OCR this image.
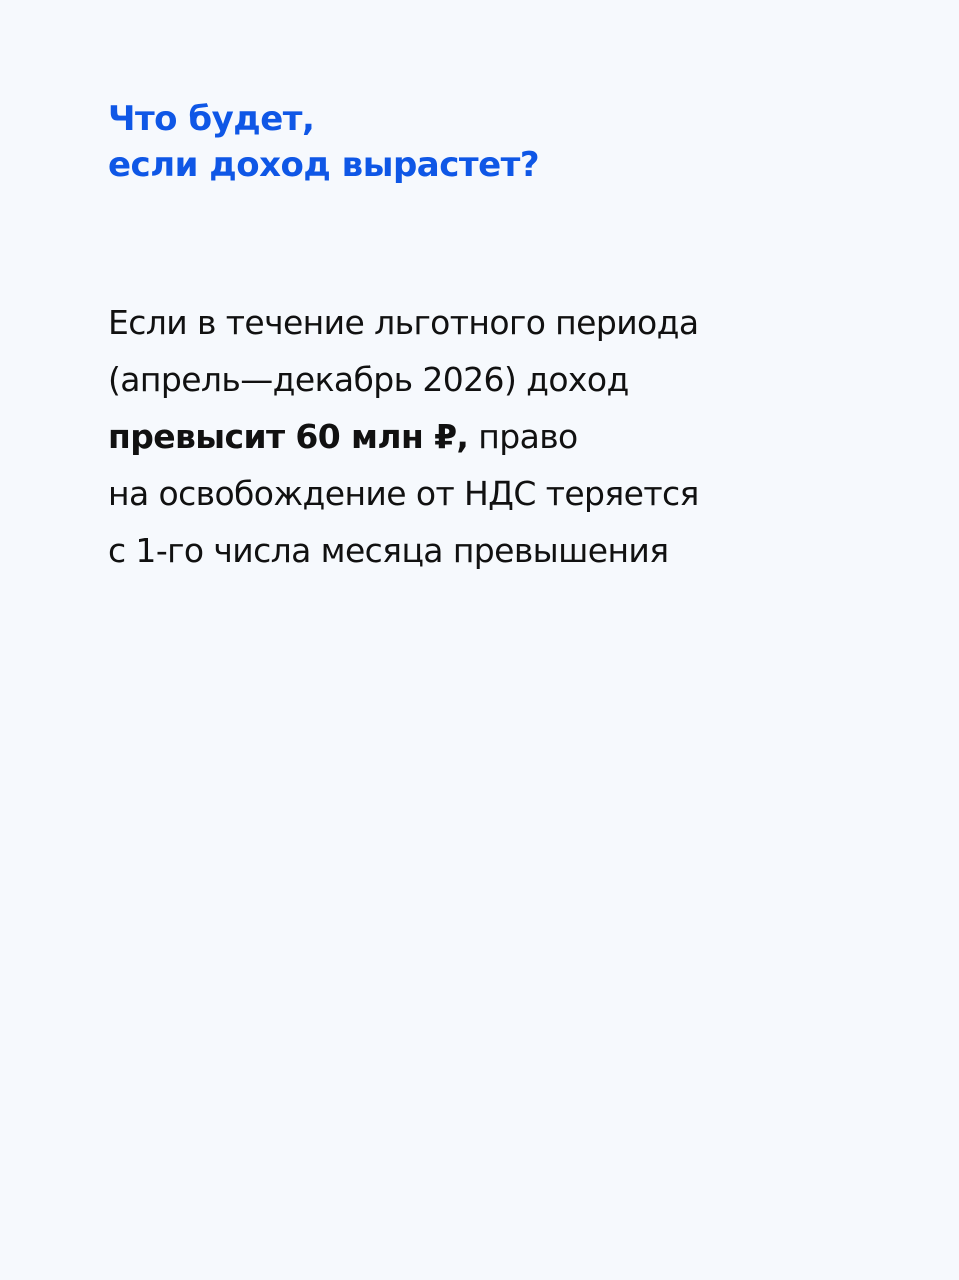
Что будет,
если доход вырастет?

Если в течение льготного периода
(апрель—декабрь 2026) доход
превысит 60 млн ₽, право
на освобождение от НДС теряется
с 1-го числа месяца превышения
